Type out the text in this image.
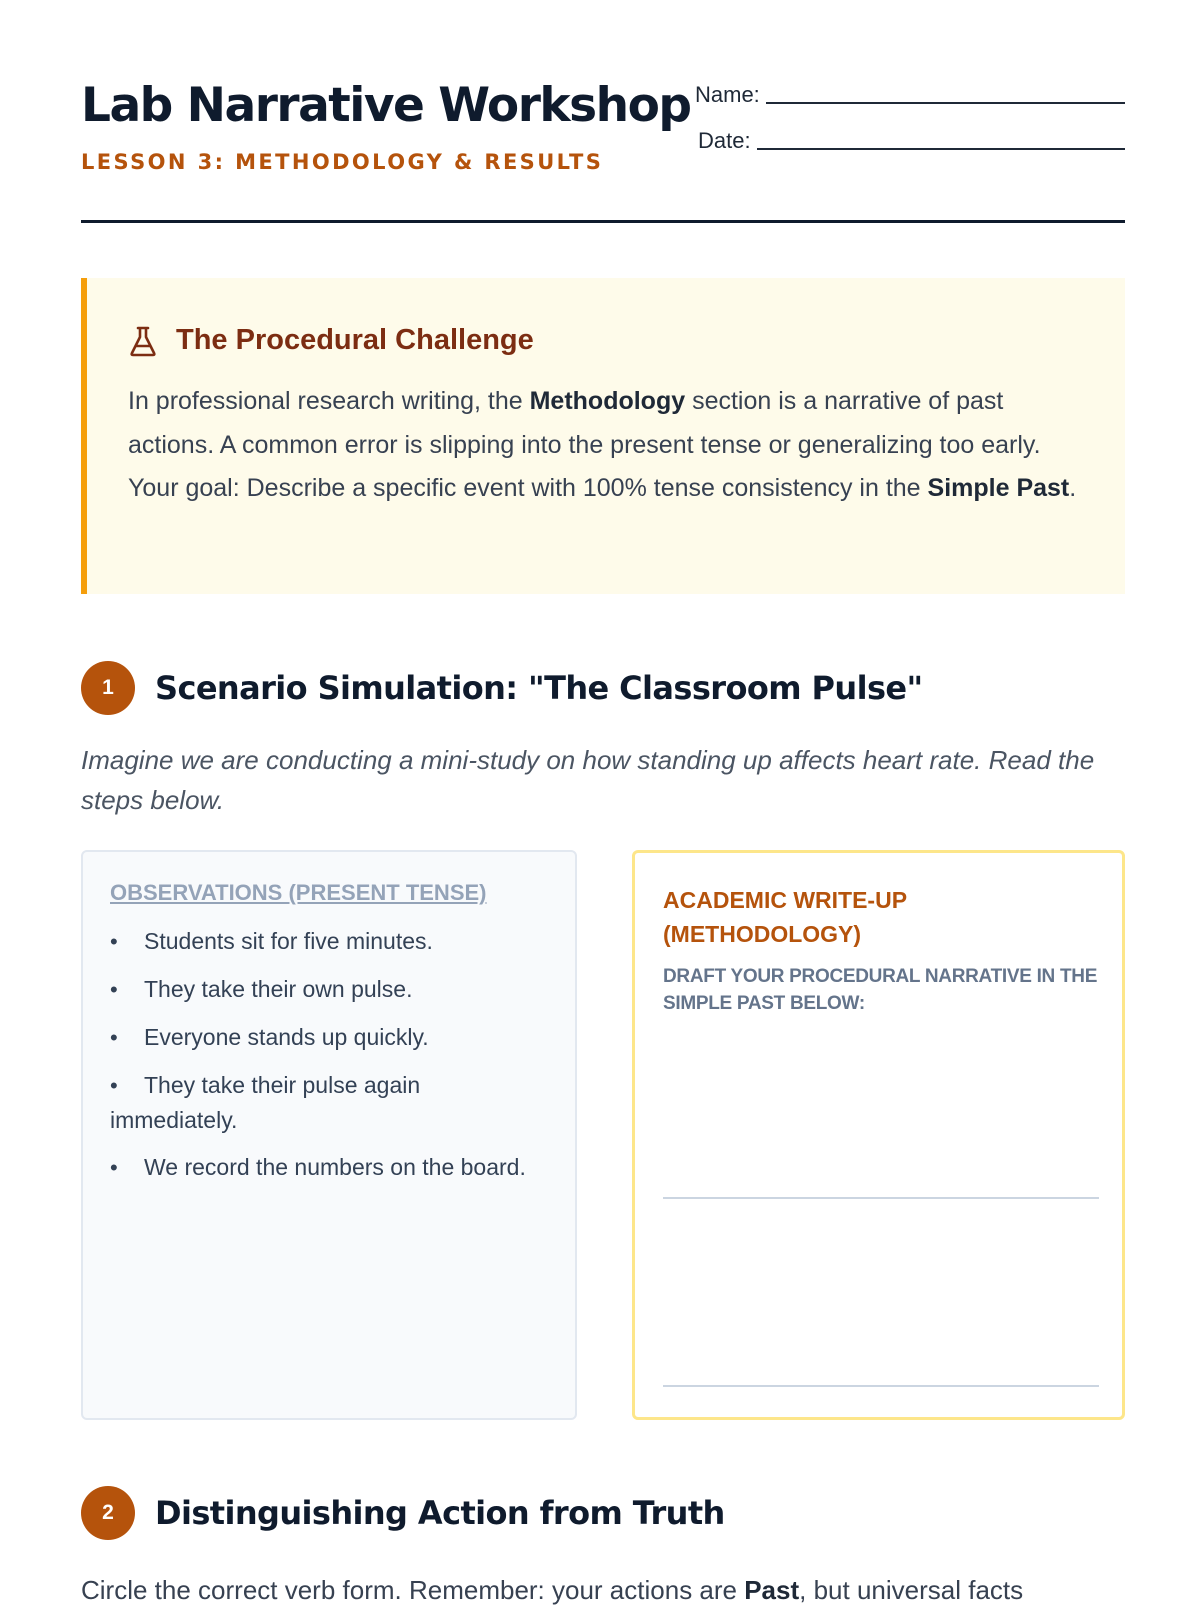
Lab Narrative Workshop
LESSON 3: METHODOLOGY & RESULTS
Name:
Date:
The Procedural Challenge
In professional research writing, the Methodology section is a narrative of past actions. A common error is slipping into the present tense or generalizing too early. Your goal: Describe a specific event with 100% tense consistency in the Simple Past.
1	Scenario Simulation: "The Classroom Pulse"
Imagine we are conducting a mini-study on how standing up affects heart rate. Read the steps below.
OBSERVATIONS (PRESENT TENSE)
• Students sit for five minutes.
• They take their own pulse.
• Everyone stands up quickly.
• They take their pulse again immediately.
• We record the numbers on the board.
ACADEMIC WRITE-UP (METHODOLOGY)
DRAFT YOUR PROCEDURAL NARRATIVE IN THE SIMPLE PAST BELOW:
2	Distinguishing Action from Truth
Circle the correct verb form. Remember: your actions are Past, but universal facts
